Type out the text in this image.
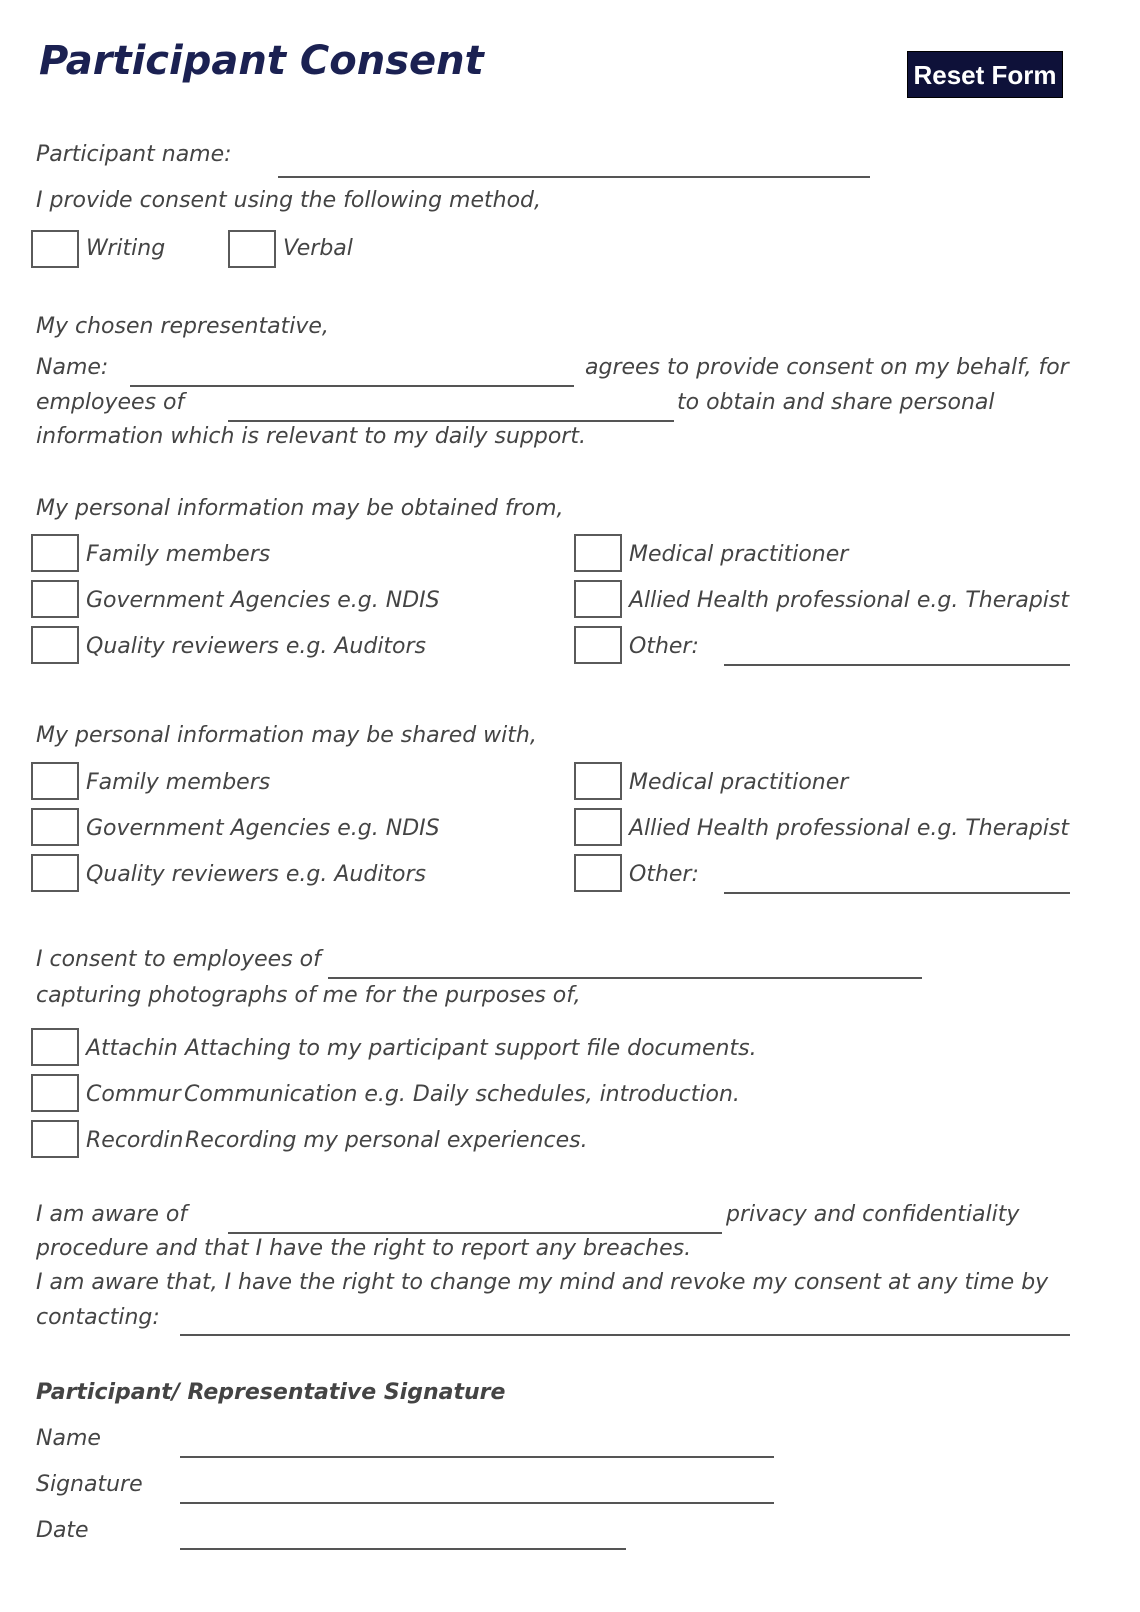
Participant Consent	Reset Form
Participant name:
I provide consent using the following method,
Writing	Verbal
My chosen representative,
Name:	agrees to provide consent on my behalf, for
employees of	to obtain and share personal
information which is relevant to my daily support.
My personal information may be obtained from,
Family members
Government Agencies e.g. NDIS
Quality reviewers e.g. Auditors
Medical practitioner
Allied Health professional e.g. Therapist
Other:
My personal information may be shared with,
Family members
Government Agencies e.g. NDIS
Quality reviewers e.g. Auditors
Medical practitioner
Allied Health professional e.g. Therapist
Other:
I consent to employees of
capturing photographs of me for the purposes of,
Attachin Attaching to my participant support file documents.
Commur Communication e.g. Daily schedules, introduction.
Recordin Recording my personal experiences.
I am aware of	privacy and confidentiality
procedure and that I have the right to report any breaches.
I am aware that, I have the right to change my mind and revoke my consent at any time by
contacting:
Participant/ Representative Signature
Name
Signature
Date
